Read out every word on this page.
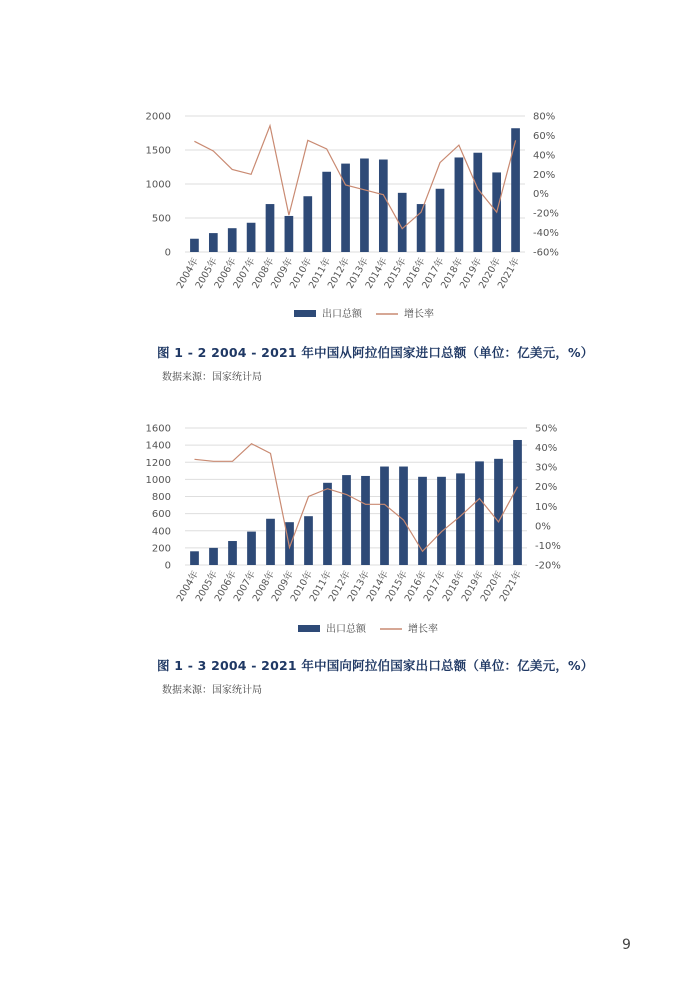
0
500
1000
1500
2000
-60%
-40%
-20%
0%
20%
40%
60%
80%
2004年
2005年
2006年
2007年
2008年
2009年
2010年
2011年
2012年
2013年
2014年
2015年
2016年
2017年
2018年
2019年
2020年
2021年
出口总额	增长率
图 1 - 2 2004 - 2021 年中国从阿拉伯国家进口总额（单位：亿美元，%）
数据来源：国家统计局
0
200
400
600
800
1000
1200
1400
1600
-20%
-10%
0%
10%
20%
30%
40%
50%
2004年
2005年
2006年
2007年
2008年
2009年
2010年
2011年
2012年
2013年
2014年
2015年
2016年
2017年
2018年
2019年
2020年
2021年
出口总额	增长率
图 1 - 3 2004 - 2021 年中国向阿拉伯国家出口总额（单位：亿美元，%）
数据来源：国家统计局
9
